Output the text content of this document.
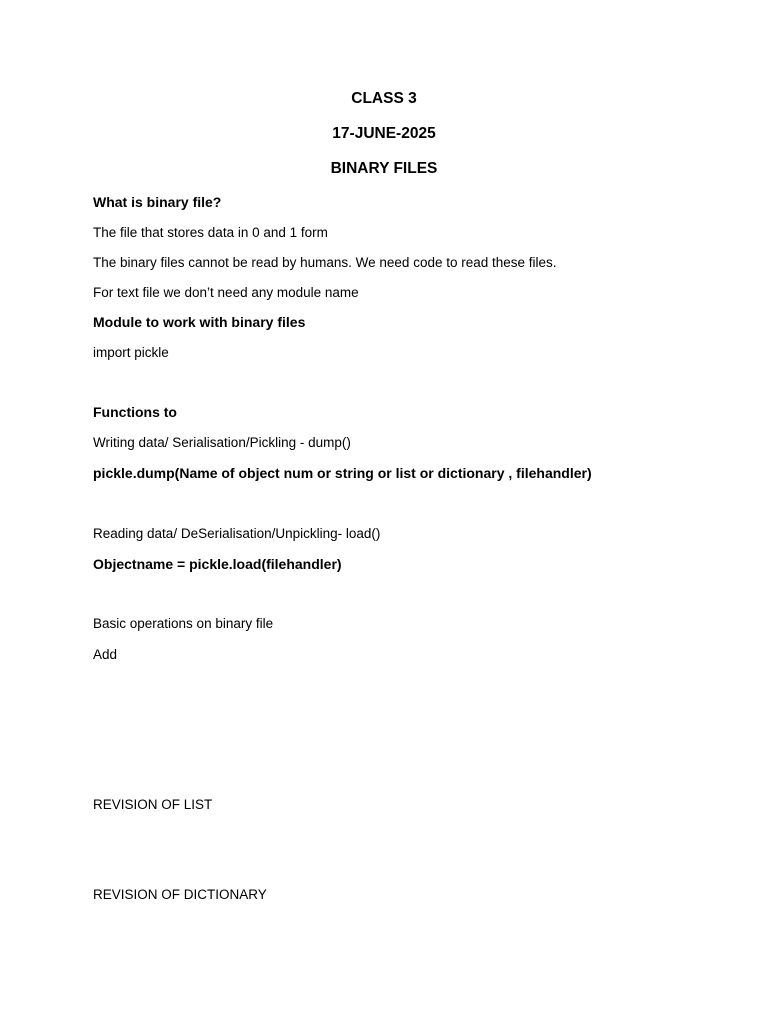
CLASS 3
17-JUNE-2025
BINARY FILES
What is binary file?
The file that stores data in 0 and 1 form
The binary files cannot be read by humans. We need code to read these files.
For text file we don’t need any module name
Module to work with binary files
import pickle
Functions to
Writing data/ Serialisation/Pickling - dump()
pickle.dump(Name of object num or string or list or dictionary , filehandler)
Reading data/ DeSerialisation/Unpickling- load()
Objectname = pickle.load(filehandler)
Basic operations on binary file
Add
REVISION OF LIST
REVISION OF DICTIONARY
